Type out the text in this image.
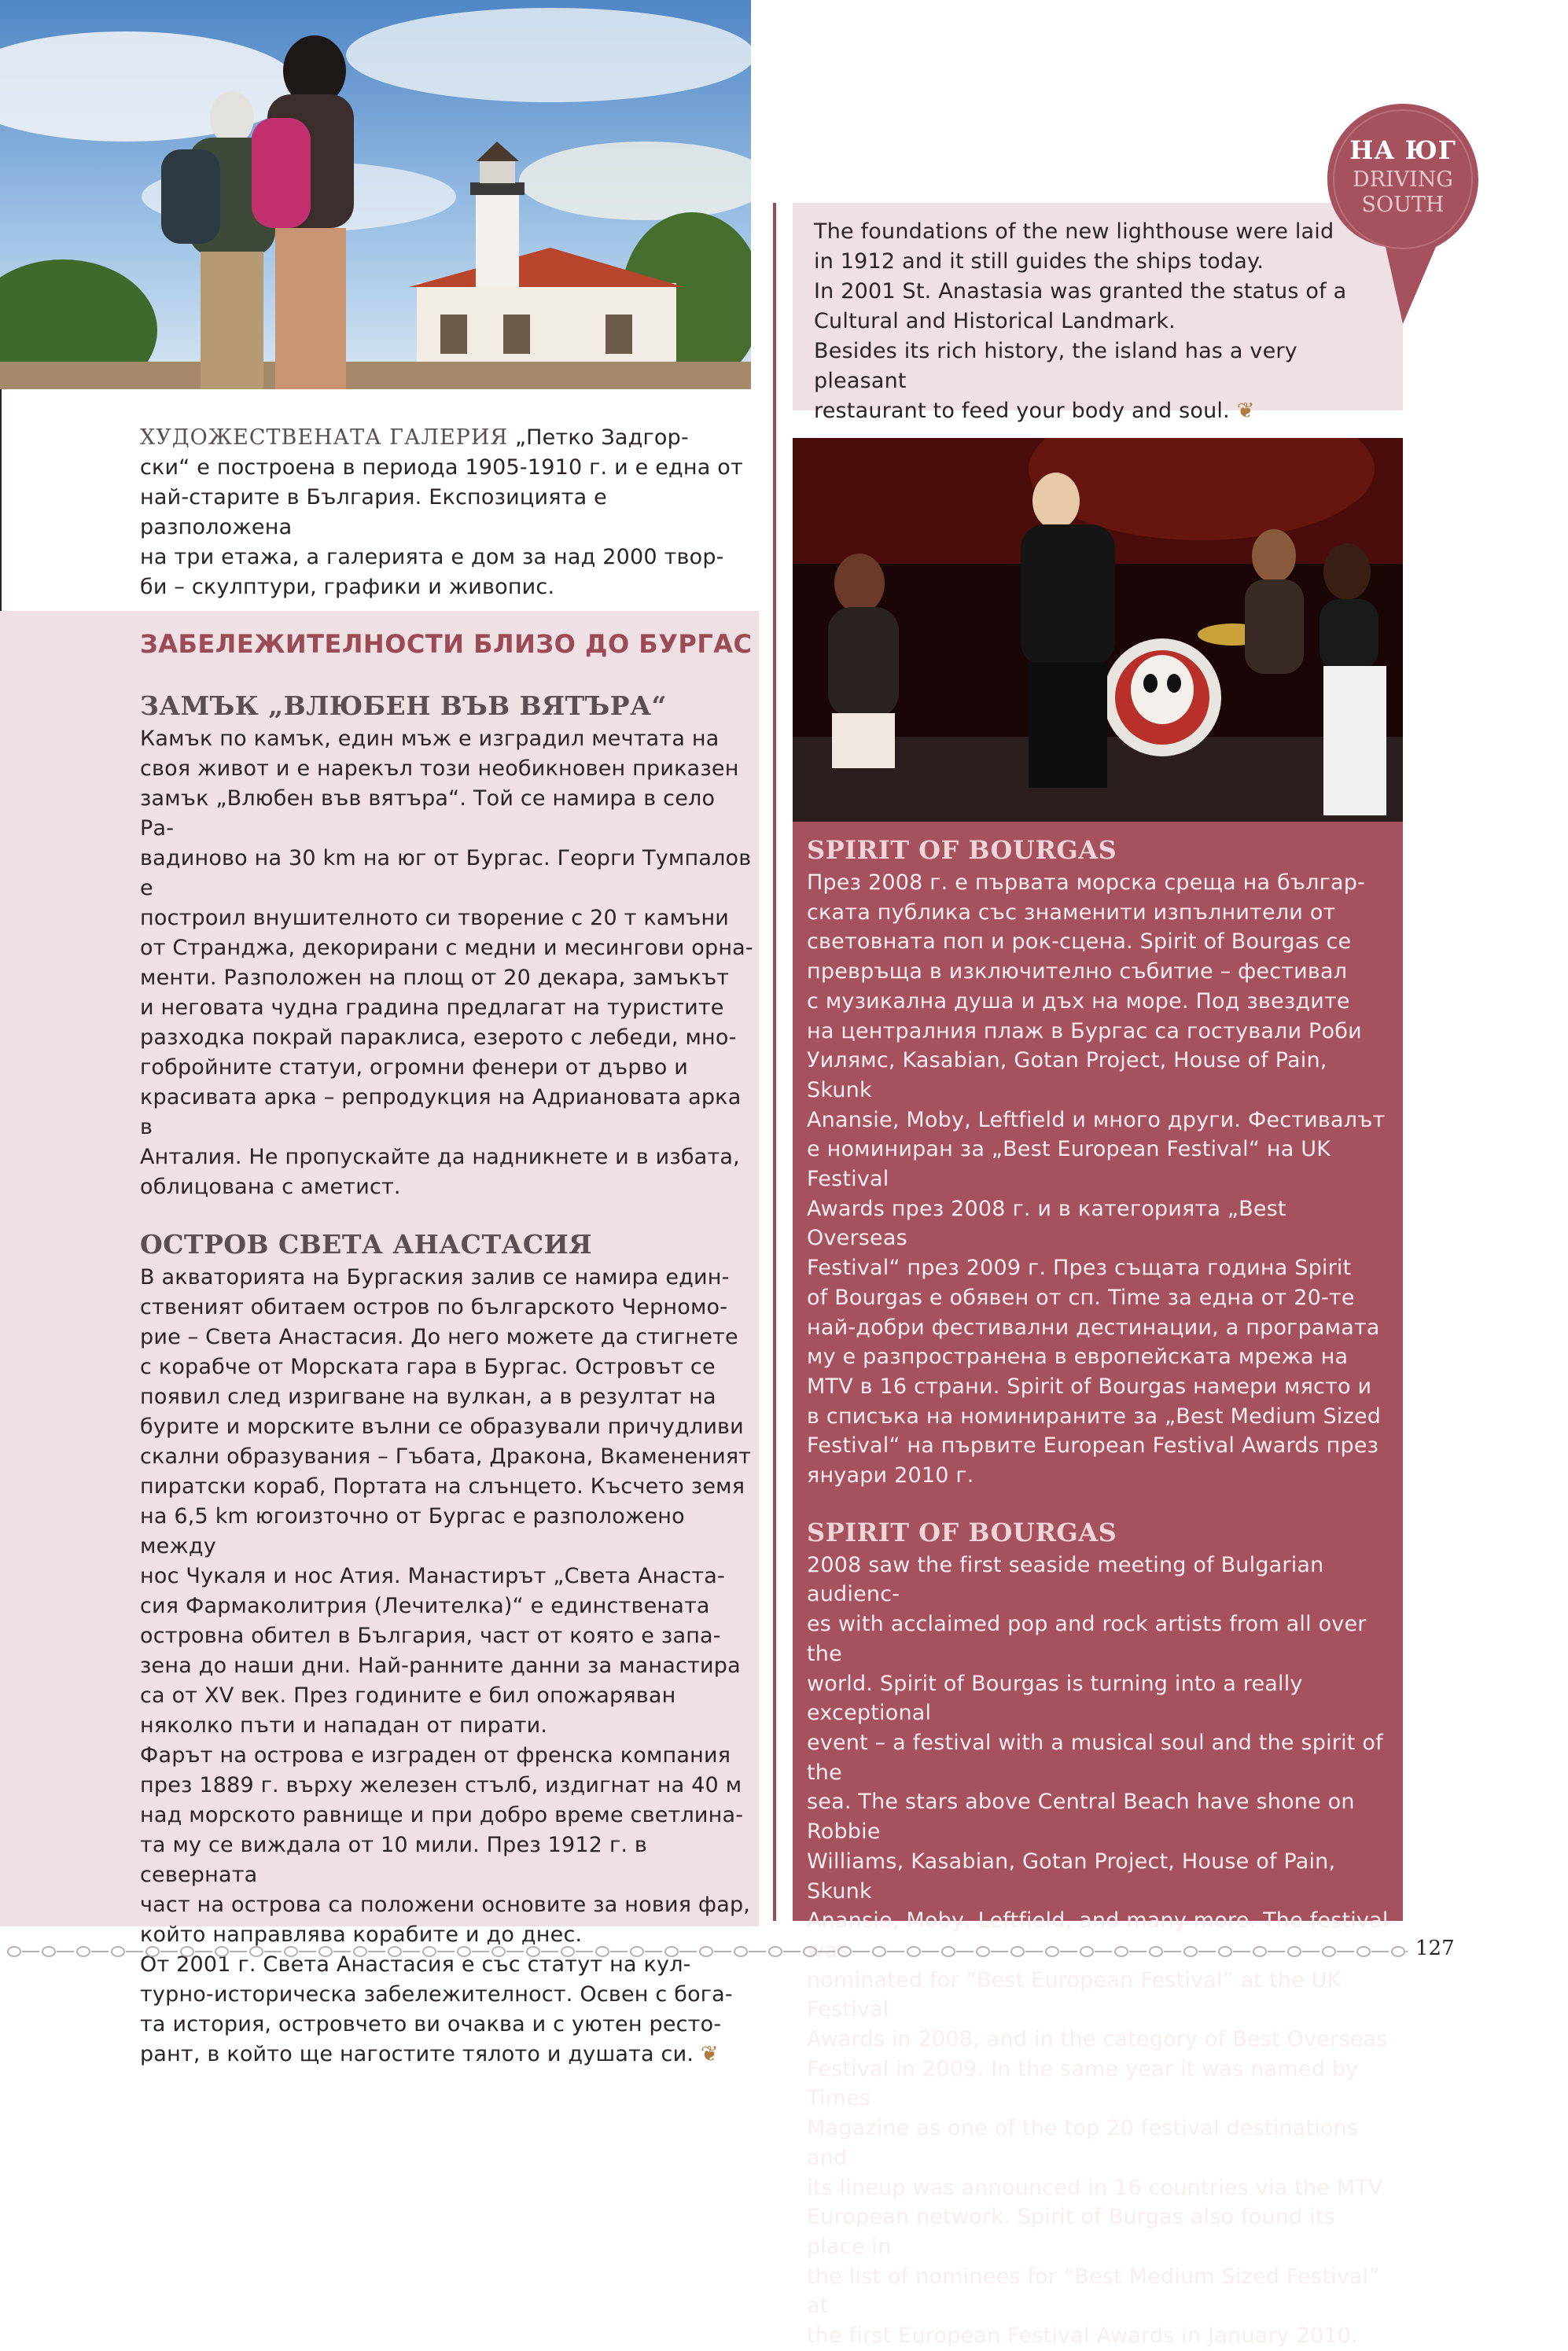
ХУДОЖЕСТВЕНАТА ГАЛЕРИЯ „Петко Задгор-
ски“ е построена в периода 1905-1910 г. и е една от
най-старите в България. Експозицията е разположена
на три етажа, а галерията е дом за над 2000 твор-
би – скулптури, графики и живопис.

ЗАБЕЛЕЖИТЕЛНОСТИ БЛИЗО ДО БУРГАС
ЗАМЪК „ВЛЮБЕН ВЪВ ВЯТЪРА“

Камък по камък, един мъж е изградил мечтата на
своя живот и е нарекъл този необикновен приказен
замък „Влюбен във вятъра“. Той се намира в село Ра-
вадиново на 30 km на юг от Бургас. Георги Тумпалов е
построил внушителното си творение с 20 т камъни
от Странджа, декорирани с медни и месингови орна-
менти. Разположен на площ от 20 декара, замъкът
и неговата чудна градина предлагат на туристите
разходка покрай параклиса, езерото с лебеди, мно-
гобройните статуи, огромни фенери от дърво и
красивата арка – репродукция на Адриановата арка в
Анталия. Не пропускайте да надникнете и в избата,
облицована с аметист.

ОСТРОВ СВЕТА АНАСТАСИЯ

В акваторията на Бургаския залив се намира един-
ственият обитаем остров по българското Черномо-
рие – Света Анастасия. До него можете да стигнете
с корабче от Морската гара в Бургас. Островът се
появил след изригване на вулкан, а в резултат на
бурите и морските вълни се образували причудливи
скални образувания – Гъбата, Дракона, Вкамененият
пиратски кораб, Портата на слънцето. Късчето земя
на 6,5 km югоизточно от Бургас е разположено между
нос Чукаля и нос Атия. Манастирът „Света Анаста-
сия Фармаколитрия (Лечителка)“ е единствената
островна обител в България, част от която е запа-
зена до наши дни. Най-ранните данни за манастира
са от XV век. През годините е бил опожаряван
няколко пъти и нападан от пирати.
Фарът на острова е изграден от френска компания
през 1889 г. върху железен стълб, издигнат на 40 м
над морското равнище и при добро време светлина-
та му се виждала от 10 мили. През 1912 г. в северната
част на острова са положени основите за новия фар,
който направлява корабите и до днес.
От 2001 г. Света Анастасия е със статут на кул-
турно-историческа забележителност. Освен с бога-
та история, островчето ви очаква и с уютен ресто-
рант, в който ще нагостите тялото и душата си. ❦

The foundations of the new lighthouse were laid
in 1912 and it still guides the ships today.
In 2001 St. Anastasia was granted the status of a
Cultural and Historical Landmark.
Besides its rich history, the island has a very pleasant
restaurant to feed your body and soul. ❦

НА ЮГ
DRIVING
SOUTH
SPIRIT OF BOURGAS

През 2008 г. е първата морска среща на българ-
ската публика със знаменити изпълнители от
световната поп и рок-сцена. Spirit of Bourgas се
превръща в изключително събитие – фестивал
с музикална душа и дъх на море. Под звездите
на централния плаж в Бургас са гостували Роби
Уилямс, Kasabian, Gotan Project, House of Pain, Skunk
Anansie, Moby, Leftfield и много други. Фестивалът
е номиниран за „Best European Festival“ на UK Festival
Awards през 2008 г. и в категорията „Best Overseas
Festival“ през 2009 г. През същата година Spirit
of Bourgas е обявен от сп. Time за една от 20-те
най-добри фестивални дестинации, а програмата
му е разпространена в европейската мрежа на
MTV в 16 страни. Spirit of Bourgas намери място и
в списъка на номинираните за „Best Medium Sized
Festival“ на първите European Festival Awards през
януари 2010 г.

SPIRIT OF BOURGAS

2008 saw the first seaside meeting of Bulgarian audienc-
es with acclaimed pop and rock artists from all over the
world. Spirit of Bourgas is turning into a really exceptional
event – a festival with a musical soul and the spirit of the
sea. The stars above Central Beach have shone on Robbie
Williams, Kasabian, Gotan Project, House of Pain, Skunk
Anansie, Moby, Leftfield, and many more. The festival was
nominated for “Best European Festival” at the UK Festival
Awards in 2008, and in the category of Best Overseas
Festival in 2009. In the same year it was named by Times
Magazine as one of the top 20 festival destinations and
its lineup was announced in 16 countries via the MTV
European network. Spirit of Burgas also found its place in
the list of nominees for “Best Medium Sized Festival” at
the first European Festival Awards in January 2010.

127
